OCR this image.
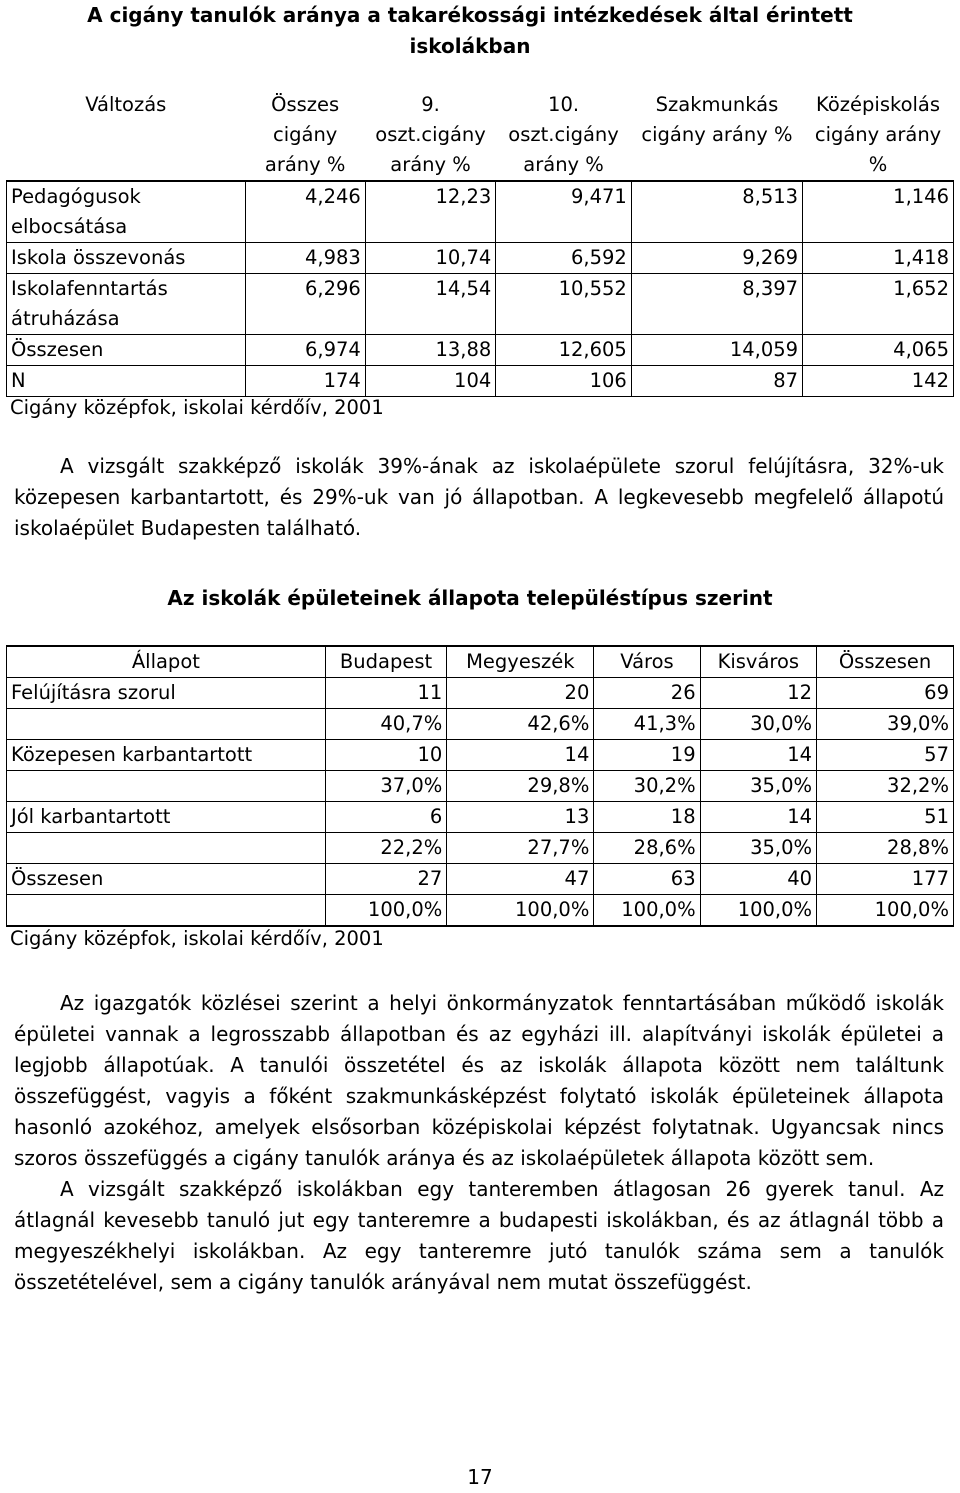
A cigány tanulók aránya a takarékossági intézkedések által érintett iskolákban
Változás	Összes cigány arány %	9. oszt.cigány arány %	10. oszt.cigány arány %	Szakmunkás cigány arány %	Középiskolás cigány arány %
Pedagógusok elbocsátása	4,246	12,23	9,471	8,513	1,146
Iskola összevonás	4,983	10,74	6,592	9,269	1,418
Iskolafenntartás átruházása	6,296	14,54	10,552	8,397	1,652
Összesen	6,974	13,88	12,605	14,059	4,065
N	174	104	106	87	142
Cigány középfok, iskolai kérdőív, 2001

A vizsgált szakképző iskolák 39%-ának az iskolaépülete szorul felújításra, 32%-uk közepesen karbantartott, és 29%-uk van jó állapotban. A legkevesebb megfelelő állapotú iskolaépület Budapesten található.

Az iskolák épületeinek állapota településtípus szerint
Állapot	Budapest	Megyeszék	Város	Kisváros	Összesen
Felújításra szorul	11	20	26	12	69
	40,7%	42,6%	41,3%	30,0%	39,0%
Közepesen karbantartott	10	14	19	14	57
	37,0%	29,8%	30,2%	35,0%	32,2%
Jól karbantartott	6	13	18	14	51
	22,2%	27,7%	28,6%	35,0%	28,8%
Összesen	27	47	63	40	177
	100,0%	100,0%	100,0%	100,0%	100,0%
Cigány középfok, iskolai kérdőív, 2001

Az igazgatók közlései szerint a helyi önkormányzatok fenntartásában működő iskolák épületei vannak a legrosszabb állapotban és az egyházi ill. alapítványi iskolák épületei a legjobb állapotúak. A tanulói összetétel és az iskolák állapota között nem találtunk összefüggést, vagyis a főként szakmunkásképzést folytató iskolák épületeinek állapota hasonló azokéhoz, amelyek elsősorban középiskolai képzést folytatnak. Ugyancsak nincs szoros összefüggés a cigány tanulók aránya és az iskolaépületek állapota között sem.

A vizsgált szakképző iskolákban egy tanteremben átlagosan 26 gyerek tanul. Az átlagnál kevesebb tanuló jut egy tanteremre a budapesti iskolákban, és az átlagnál több a megyeszékhelyi iskolákban. Az egy tanteremre jutó tanulók száma sem a tanulók összetételével, sem a cigány tanulók arányával nem mutat összefüggést.

17
